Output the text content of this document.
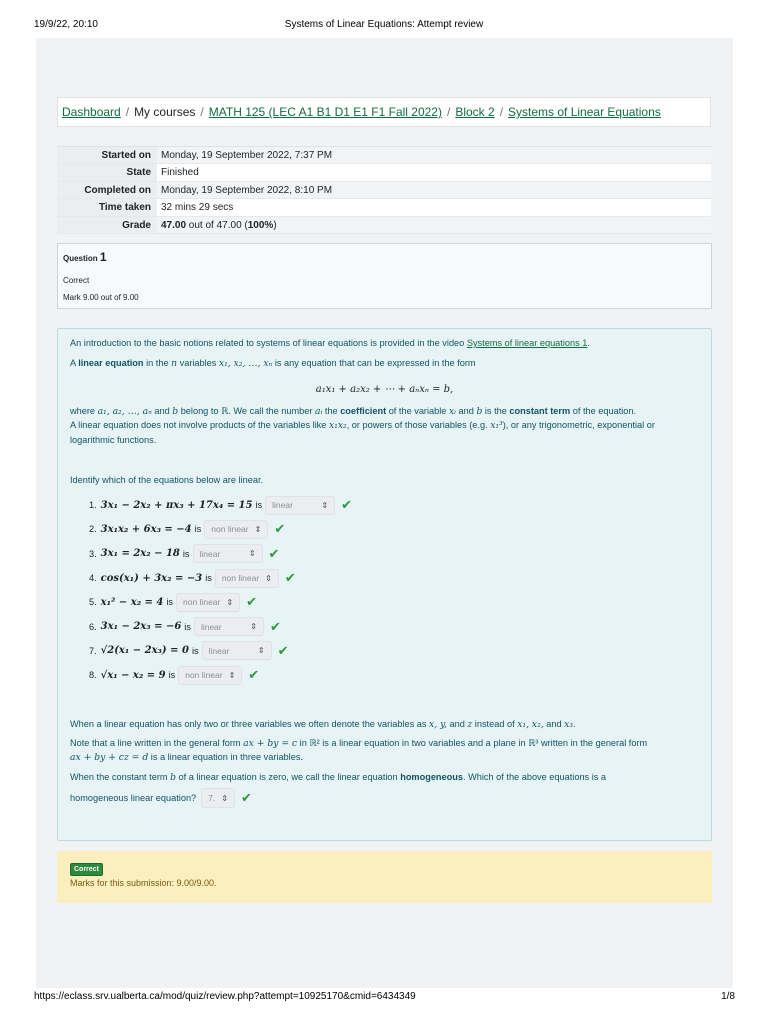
19/9/22, 20:10	Systems of Linear Equations: Attempt review
Dashboard / My courses / MATH 125 (LEC A1 B1 D1 E1 F1 Fall 2022) / Block 2 / Systems of Linear Equations
Started on	Monday, 19 September 2022, 7:37 PM
State	Finished
Completed on	Monday, 19 September 2022, 8:10 PM
Time taken	32 mins 29 secs
Grade	47.00 out of 47.00 (100%)
Question 1
Correct
Mark 9.00 out of 9.00
An introduction to the basic notions related to systems of linear equations is provided in the video Systems of linear equations 1.
A linear equation in the n variables x₁, x₂, …, xₙ is any equation that can be expressed in the form
a₁x₁ + a₂x₂ + ⋯ + aₙxₙ = b,
where a₁, a₂, …, aₙ and b belong to ℝ. We call the number aᵢ the coefficient of the variable xᵢ and b is the constant term of the equation.
A linear equation does not involve products of the variables like x₁x₂, or powers of those variables (e.g. x₁³), or any trigonometric, exponential or
logarithmic functions.
Identify which of the equations below are linear.
1. 3x₁ − 2x₂ + πx₃ + 17x₄ = 15 is linear	⇕ ✔
2. 3x₁x₂ + 6x₃ = −4 is non linear ⇕ ✔
3. 3x₁ = 2x₂ − 18 is linear	⇕ ✔
4. cos(x₁) + 3x₂ = −3 is non linear ⇕ ✔
5. x₁² − x₂ = 4 is non linear ⇕ ✔
6. 3x₁ − 2x₃ = −6 is linear	⇕ ✔
7. √2(x₁ − 2x₃) = 0 is linear	⇕ ✔
8. √x₁ − x₂ = 9 is non linear ⇕ ✔
When a linear equation has only two or three variables we often denote the variables as x, y, and z instead of x₁, x₂, and x₃.
Note that a line written in the general form ax + by = c in ℝ² is a linear equation in two variables and a plane in ℝ³ written in the general form
ax + by + cz = d is a linear equation in three variables.
When the constant term b of a linear equation is zero, we call the linear equation homogeneous. Which of the above equations is a
homogeneous linear equation? 7. ⇕ ✔
Correct
Marks for this submission: 9.00/9.00.
https://eclass.srv.ualberta.ca/mod/quiz/review.php?attempt=10925170&cmid=6434349	1/8
